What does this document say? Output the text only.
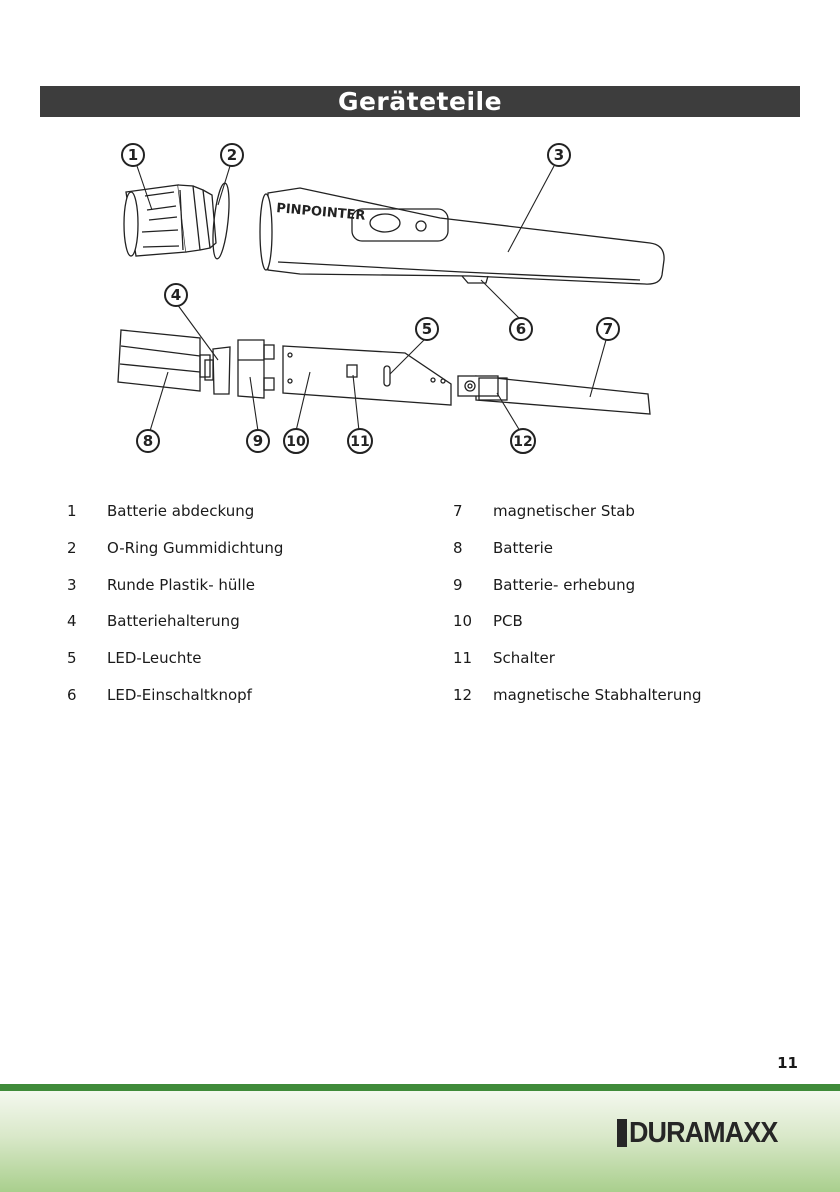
Geräteteile
PINPOINTER
1	2	3
4
5	6	7
8	9 10	11	12
1 Batterie abdeckung
2 O-Ring Gummidichtung
3 Runde Plastik- hülle
4 Batteriehalterung
5 LED-Leuchte
6 LED-Einschaltknopf
7 magnetischer Stab
8 Batterie
9 Batterie- erhebung
10 PCB
11 Schalter
12 magnetische Stabhalterung
11
DURAMAXX
